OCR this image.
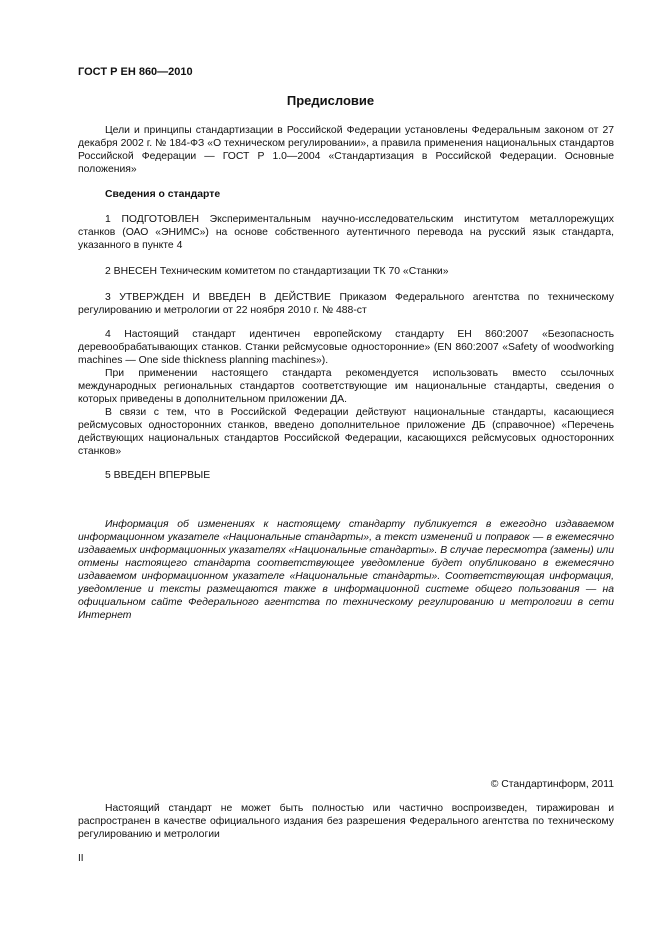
ГОСТ Р ЕН 860—2010
Предисловие

Цели и принципы стандартизации в Российской Федерации установлены Федеральным законом от 27 декабря 2002 г. № 184-ФЗ «О техническом регулировании», а правила применения национальных стандартов Российской Федерации — ГОСТ Р 1.0—2004 «Стандартизация в Российской Федерации. Основные положения»

Сведения о стандарте

1 ПОДГОТОВЛЕН Экспериментальным научно-исследовательским институтом металлорежущих станков (ОАО «ЭНИМС») на основе собственного аутентичного перевода на русский язык стандарта, указанного в пункте 4

2 ВНЕСЕН Техническим комитетом по стандартизации ТК 70 «Станки»

3 УТВЕРЖДЕН И ВВЕДЕН В ДЕЙСТВИЕ Приказом Федерального агентства по техническому регулированию и метрологии от 22 ноября 2010 г. № 488-ст

4 Настоящий стандарт идентичен европейскому стандарту ЕН 860:2007 «Безопасность деревообрабатывающих станков. Станки рейсмусовые односторонние» (EN 860:2007 «Safety of woodworking machines — One side thickness planning machines»).

При применении настоящего стандарта рекомендуется использовать вместо ссылочных международных региональных стандартов соответствующие им национальные стандарты, сведения о которых приведены в дополнительном приложении ДА.

В связи с тем, что в Российской Федерации действуют национальные стандарты, касающиеся рейсмусовых односторонних станков, введено дополнительное приложение ДБ (справочное) «Перечень действующих национальных стандартов Российской Федерации, касающихся рейсмусовых односторонних станков»

5 ВВЕДЕН ВПЕРВЫЕ

Информация об изменениях к настоящему стандарту публикуется в ежегодно издаваемом информационном указателе «Национальные стандарты», а текст изменений и поправок — в ежемесячно издаваемых информационных указателях «Национальные стандарты». В случае пересмотра (замены) или отмены настоящего стандарта соответствующее уведомление будет опубликовано в ежемесячно издаваемом информационном указателе «Национальные стандарты». Соответствующая информация, уведомление и тексты размещаются также в информационной системе общего пользования — на официальном сайте Федерального агентства по техническому регулированию и метрологии в сети Интернет

© Стандартинформ, 2011

Настоящий стандарт не может быть полностью или частично воспроизведен, тиражирован и распространен в качестве официального издания без разрешения Федерального агентства по техническому регулированию и метрологии

II
